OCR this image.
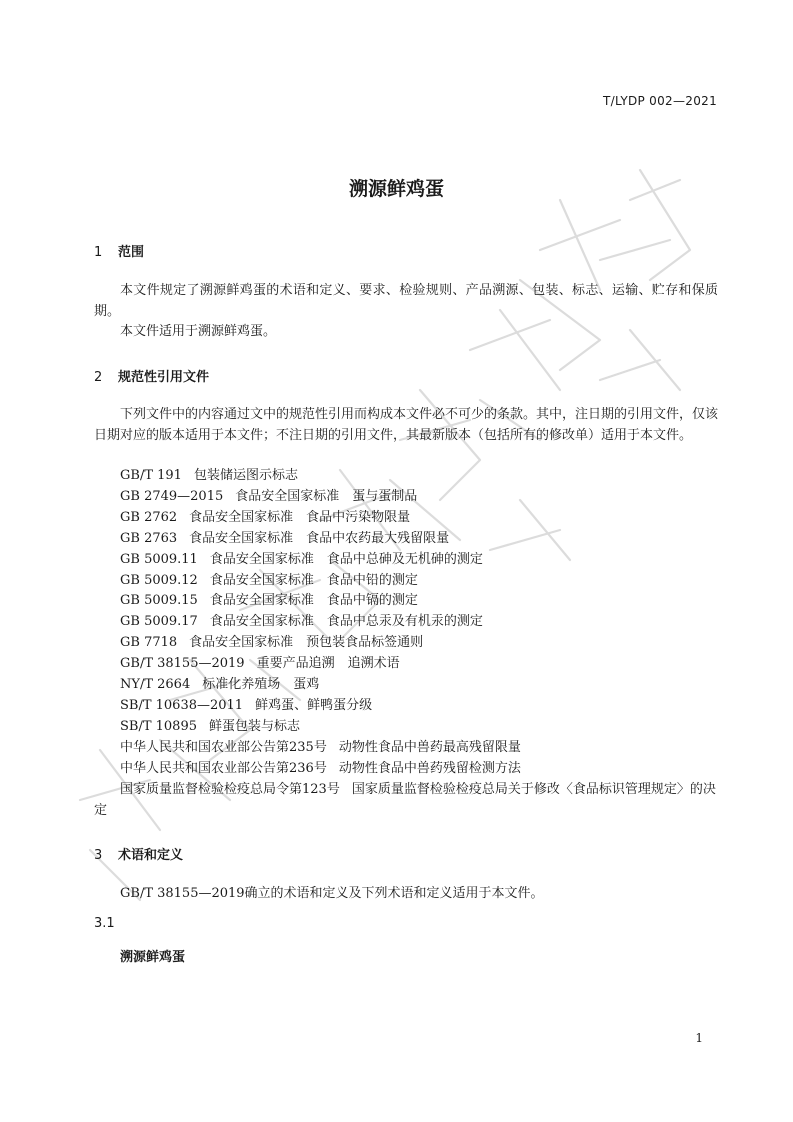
T/LYDP 002—2021
溯源鲜鸡蛋
1 范围
本文件规定了溯源鲜鸡蛋的术语和定义、要求、检验规则、产品溯源、包装、标志、运输、贮存和保质期。
本文件适用于溯源鲜鸡蛋。
2 规范性引用文件
下列文件中的内容通过文中的规范性引用而构成本文件必不可少的条款。其中，注日期的引用文件，仅该日期对应的版本适用于本文件；不注日期的引用文件，其最新版本（包括所有的修改单）适用于本文件。
GB/T 191 包装储运图示标志
GB 2749—2015 食品安全国家标准　蛋与蛋制品
GB 2762 食品安全国家标准　食品中污染物限量
GB 2763 食品安全国家标准　食品中农药最大残留限量
GB 5009.11 食品安全国家标准　食品中总砷及无机砷的测定
GB 5009.12 食品安全国家标准　食品中铅的测定
GB 5009.15 食品安全国家标准　食品中镉的测定
GB 5009.17 食品安全国家标准　食品中总汞及有机汞的测定
GB 7718 食品安全国家标准　预包装食品标签通则
GB/T 38155—2019 重要产品追溯　追溯术语
NY/T 2664 标准化养殖场　蛋鸡
SB/T 10638—2011 鲜鸡蛋、鲜鸭蛋分级
SB/T 10895 鲜蛋包装与标志
中华人民共和国农业部公告第235号 动物性食品中兽药最高残留限量
中华人民共和国农业部公告第236号 动物性食品中兽药残留检测方法
国家质量监督检验检疫总局令第123号 国家质量监督检验检疫总局关于修改〈食品标识管理规定〉的决定
3 术语和定义
GB/T 38155—2019确立的术语和定义及下列术语和定义适用于本文件。
3.1
溯源鲜鸡蛋
1
